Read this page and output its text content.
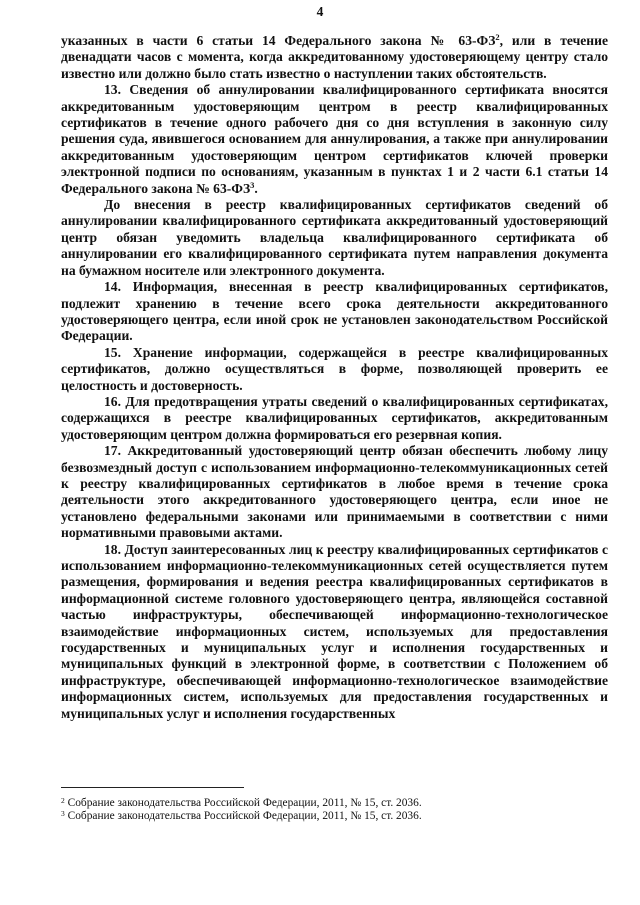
4

указанных в части 6 статьи 14 Федерального закона № $63-ФЗ^2$, или в течение двенадцати часов с момента, когда аккредитованному удостоверяющему центру стало известно или должно было стать известно о наступлении таких обстоятельств.

13. Сведения об аннулировании квалифицированного сертификата вносятся аккредитованным удостоверяющим центром в реестр квалифицированных сертификатов в течение одного рабочего дня со дня вступления в законную силу решения суда, явившегося основанием для аннулирования, а также при аннулировании аккредитованным удостоверяющим центром сертификатов ключей проверки электронной подписи по основаниям, указанным в пунктах 1 и 2 части 6.1 статьи 14 Федерального закона № $63-ФЗ^3$.

До внесения в реестр квалифицированных сертификатов сведений об аннулировании квалифицированного сертификата аккредитованный удостоверяющий центр обязан уведомить владельца квалифицированного сертификата об аннулировании его квалифицированного сертификата путем направления документа на бумажном носителе или электронного документа.

14. Информация, внесенная в реестр квалифицированных сертификатов, подлежит хранению в течение всего срока деятельности аккредитованного удостоверяющего центра, если иной срок не установлен законодательством Российской Федерации.

15. Хранение информации, содержащейся в реестре квалифицированных сертификатов, должно осуществляться в форме, позволяющей проверить ее целостность и достоверность.

16. Для предотвращения утраты сведений о квалифицированных сертификатах, содержащихся в реестре квалифицированных сертификатов, аккредитованным удостоверяющим центром должна формироваться его резервная копия.

17. Аккредитованный удостоверяющий центр обязан обеспечить любому лицу безвозмездный доступ с использованием информационно-телекоммуникационных сетей к реестру квалифицированных сертификатов в любое время в течение срока деятельности этого аккредитованного удостоверяющего центра, если иное не установлено федеральными законами или принимаемыми в соответствии с ними нормативными правовыми актами.

18. Доступ заинтересованных лиц к реестру квалифицированных сертификатов с использованием информационно-телекоммуникационных сетей осуществляется путем размещения, формирования и ведения реестра квалифицированных сертификатов в информационной системе головного удостоверяющего центра, являющейся составной частью инфраструктуры, обеспечивающей информационно-технологическое взаимодействие информационных систем, используемых для предоставления государственных и муниципальных услуг и исполнения государственных и муниципальных функций в электронной форме, в соответствии с Положением об инфраструктуре, обеспечивающей информационно-технологическое взаимодействие информационных систем, используемых для предоставления государственных и муниципальных услуг и исполнения государственных

$^2$ Собрание законодательства Российской Федерации, 2011, № 15, ст. 2036.

$^3$ Собрание законодательства Российской Федерации, 2011, № 15, ст. 2036.
